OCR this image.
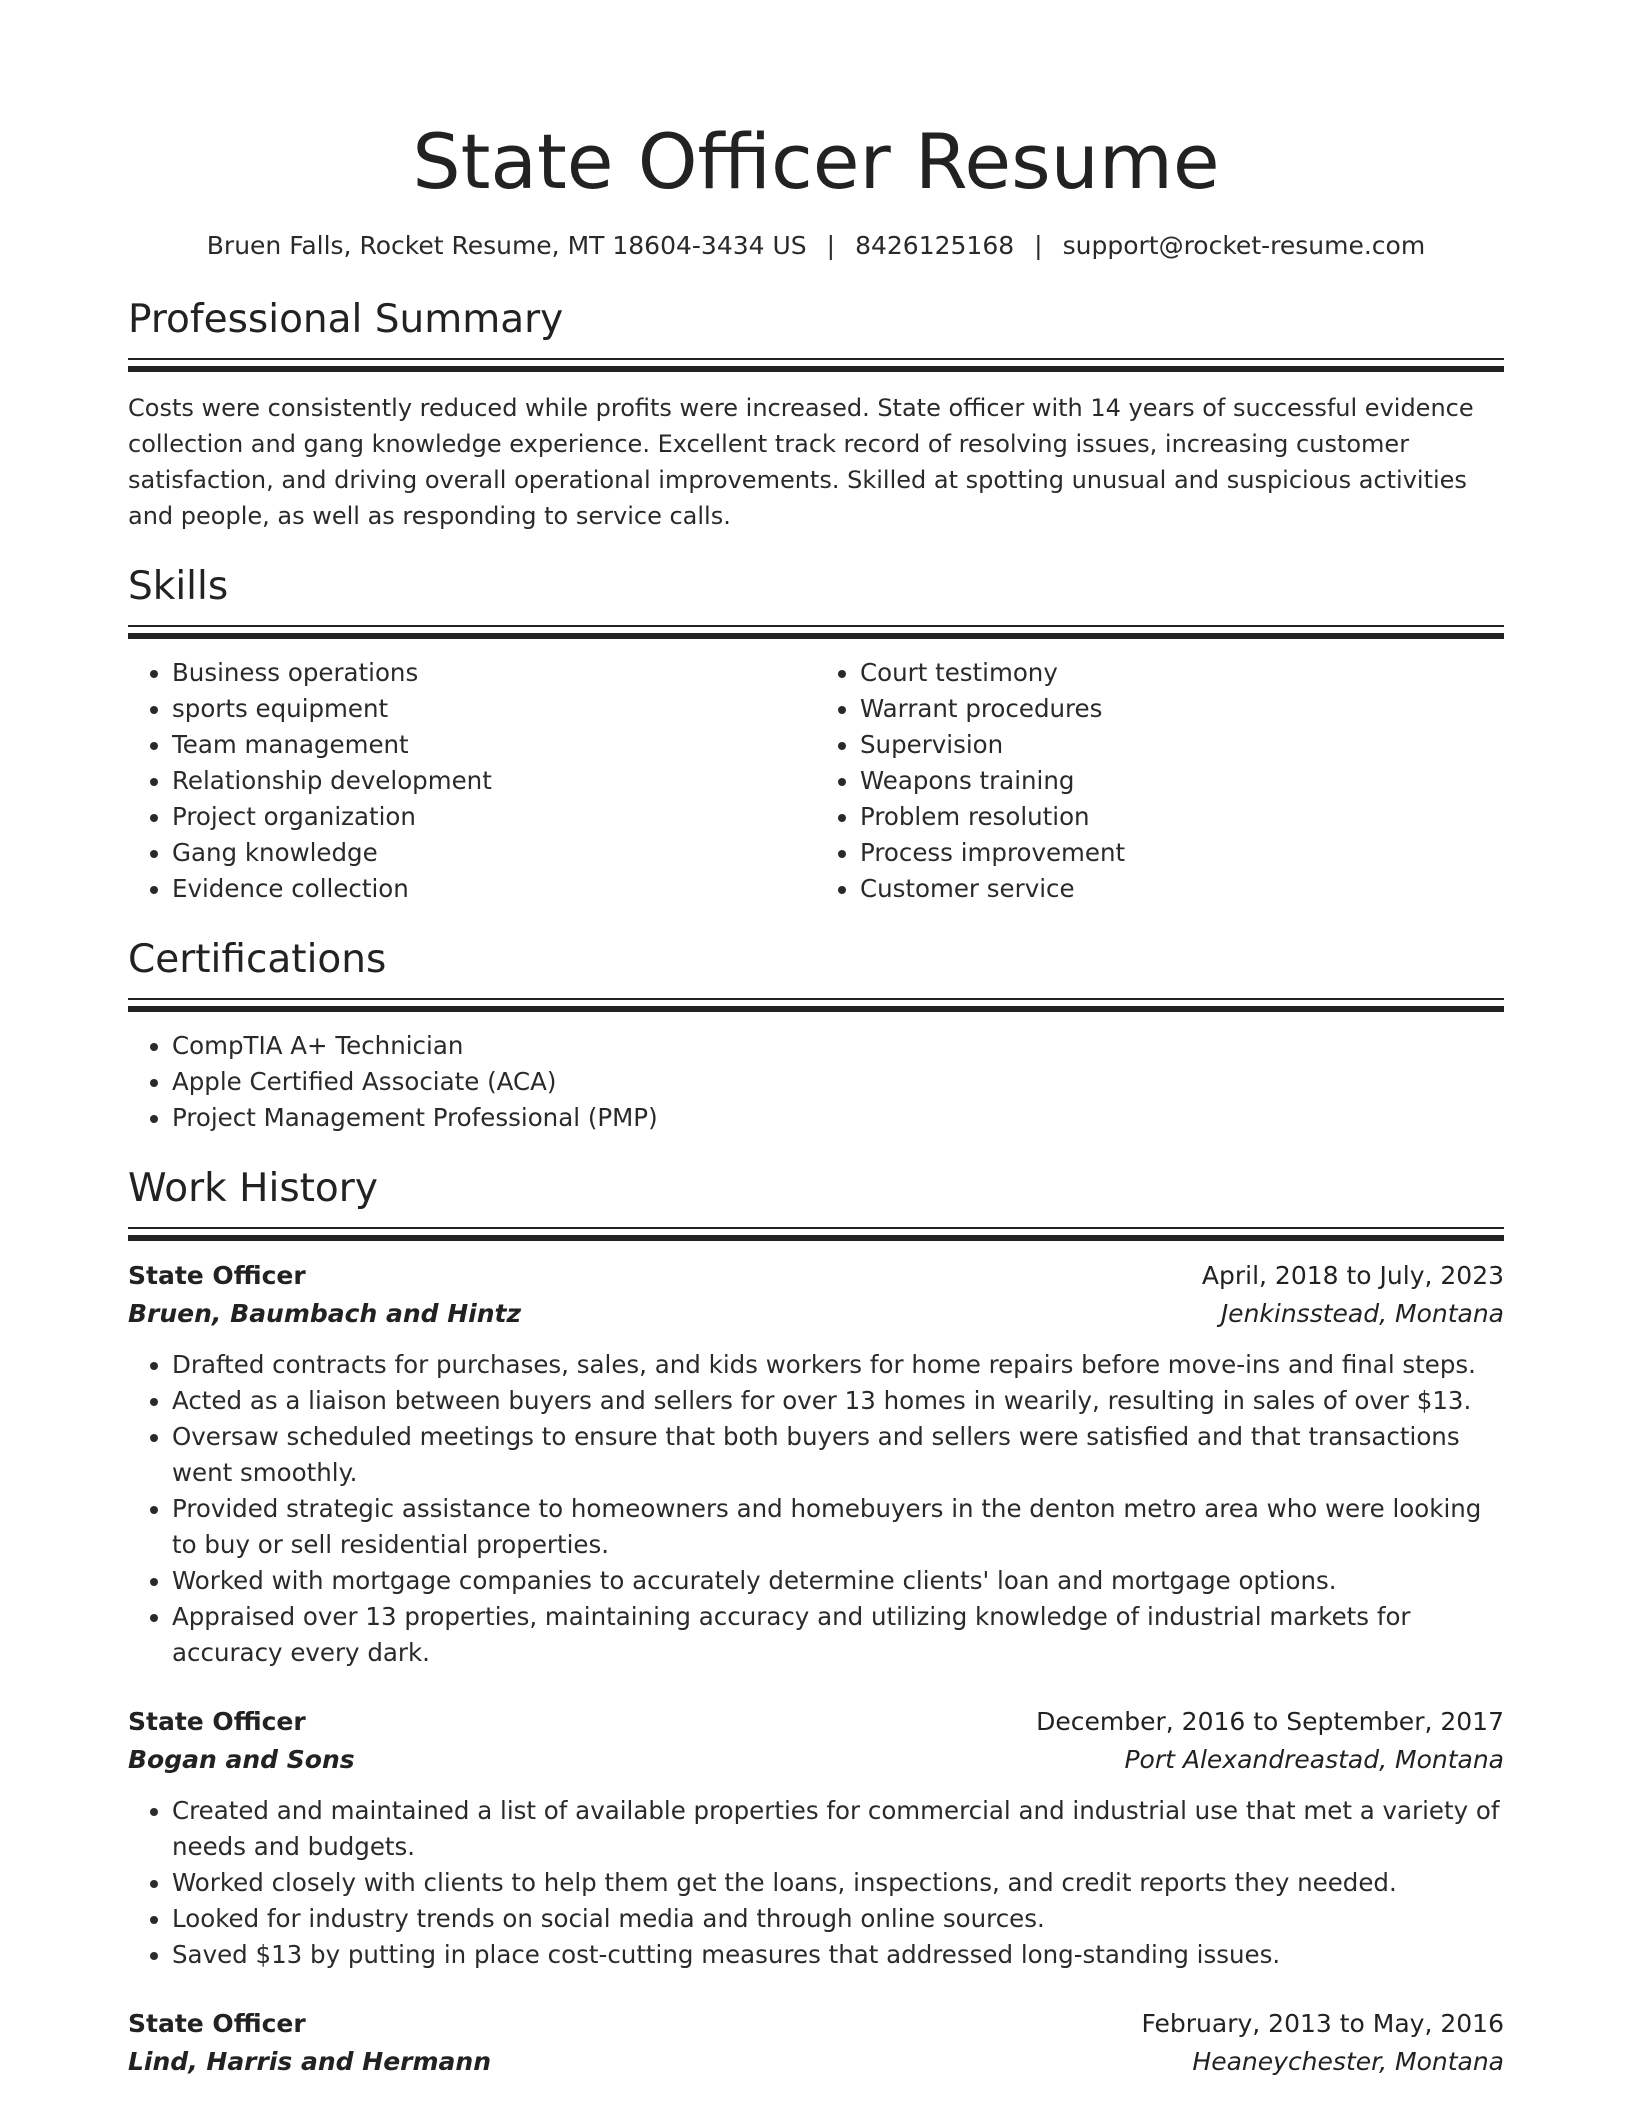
State Officer Resume
Bruen Falls, Rocket Resume, MT 18604-3434 US | 8426125168 | support@rocket-resume.com
Professional Summary

Costs were consistently reduced while profits were increased. State officer with 14 years of successful evidence collection and gang knowledge experience. Excellent track record of resolving issues, increasing customer satisfaction, and driving overall operational improvements. Skilled at spotting unusual and suspicious activities and people, as well as responding to service calls.

Skills
• Business operations
• sports equipment
• Team management
• Relationship development
• Project organization
• Gang knowledge
• Evidence collection
• Court testimony
• Warrant procedures
• Supervision
• Weapons training
• Problem resolution
• Process improvement
• Customer service
Certifications
• CompTIA A+ Technician
• Apple Certified Associate (ACA)
• Project Management Professional (PMP)
Work History
State Officer	April, 2018 to July, 2023
Bruen, Baumbach and Hintz	Jenkinsstead, Montana
• Drafted contracts for purchases, sales, and kids workers for home repairs before move-ins and final steps.
• Acted as a liaison between buyers and sellers for over 13 homes in wearily, resulting in sales of over $13.
• Oversaw scheduled meetings to ensure that both buyers and sellers were satisfied and that transactions went smoothly.
• Provided strategic assistance to homeowners and homebuyers in the denton metro area who were looking to buy or sell residential properties.
• Worked with mortgage companies to accurately determine clients' loan and mortgage options.
• Appraised over 13 properties, maintaining accuracy and utilizing knowledge of industrial markets for accuracy every dark.
State Officer	December, 2016 to September, 2017
Bogan and Sons	Port Alexandreastad, Montana
• Created and maintained a list of available properties for commercial and industrial use that met a variety of needs and budgets.
• Worked closely with clients to help them get the loans, inspections, and credit reports they needed.
• Looked for industry trends on social media and through online sources.
• Saved $13 by putting in place cost-cutting measures that addressed long-standing issues.
State Officer	February, 2013 to May, 2016
Lind, Harris and Hermann	Heaneychester, Montana
